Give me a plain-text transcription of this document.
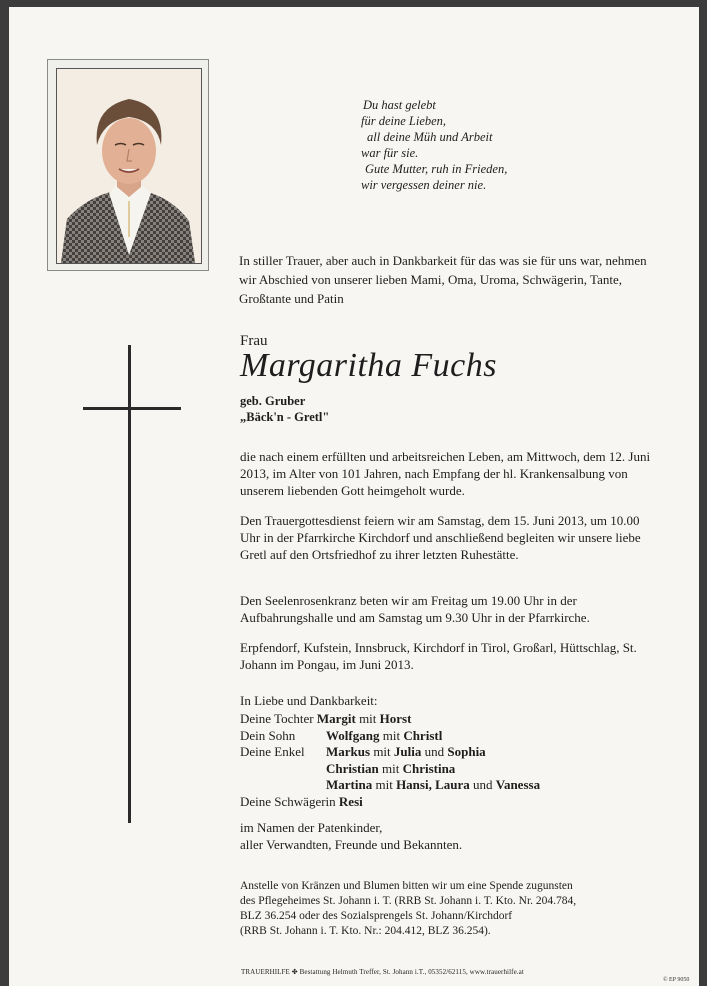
Du hast gelebt
für deine Lieben,
all deine Müh und Arbeit
war für sie.
Gute Mutter, ruh in Frieden,
wir vergessen deiner nie.
In stiller Trauer, aber auch in Dankbarkeit für das was sie für uns war, nehmen wir Abschied von unserer lieben Mami, Oma, Uroma, Schwägerin, Tante, Großtante und Patin
Frau
Margaritha Fuchs
geb. Gruber
„Bäck'n - Gretl"
die nach einem erfüllten und arbeitsreichen Leben, am Mittwoch, dem 12. Juni 2013, im Alter von 101 Jahren, nach Empfang der hl. Krankensalbung von unserem liebenden Gott heimgeholt wurde.
Den Trauergottesdienst feiern wir am Samstag, dem 15. Juni 2013, um 10.00 Uhr in der Pfarrkirche Kirchdorf und anschließend begleiten wir unsere liebe Gretl auf den Ortsfriedhof zu ihrer letzten Ruhestätte.
Den Seelenrosenkranz beten wir am Freitag um 19.00 Uhr in der Aufbahrungshalle und am Samstag um 9.30 Uhr in der Pfarrkirche.
Erpfendorf, Kufstein, Innsbruck, Kirchdorf in Tirol, Großarl, Hüttschlag, St. Johann im Pongau, im Juni 2013.
In Liebe und Dankbarkeit:
Deine Tochter
Margit
mit
Horst
Dein Sohn	Wolfgang
mit
Christl
Deine Enkel	Markus
mit
Julia
und
Sophia
Christian
mit
Christina
Martina
mit
Hansi, Laura
und
Vanessa
Deine Schwägerin
Resi
im Namen der Patenkinder,
aller Verwandten, Freunde und Bekannten.
Anstelle von Kränzen und Blumen bitten wir um eine Spende zugunsten
des Pflegeheimes St. Johann i. T. (RRB St. Johann i. T. Kto. Nr. 204.784,
BLZ 36.254 oder des Sozialsprengels St. Johann/Kirchdorf
(RRB St. Johann i. T. Kto. Nr.: 204.412, BLZ 36.254).
TRAUERHILFE ✤ Bestattung Helmuth Treffer, St. Johann i.T., 05352/62115, www.trauerhilfe.at
© EP 9050
